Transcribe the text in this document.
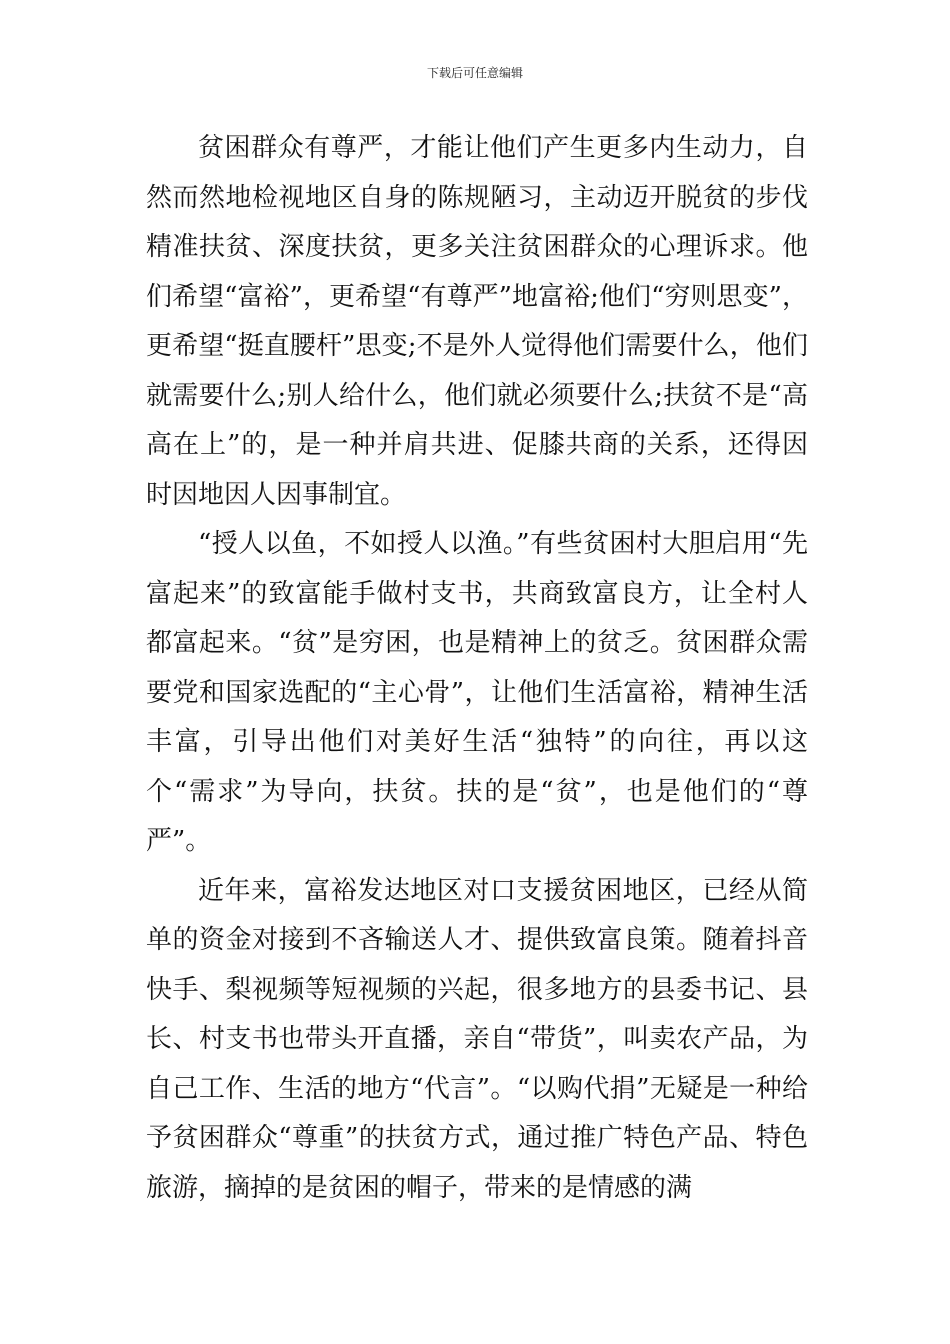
下载后可任意编辑

贫困群众有尊严，才能让他们产生更多内生动力，自然而然地检视地区自身的陈规陋习，主动迈开脱贫的步伐精准扶贫、深度扶贫，更多关注贫困群众的心理诉求。他们希望“富裕”，更希望“有尊严”地富裕;他们“穷则思变”，更希望“挺直腰杆”思变;不是外人觉得他们需要什么，他们就需要什么;别人给什么，他们就必须要什么;扶贫不是“高高在上”的，是一种并肩共进、促膝共商的关系，还得因时因地因人因事制宜。

“授人以鱼，不如授人以渔。”有些贫困村大胆启用“先富起来”的致富能手做村支书，共商致富良方，让全村人都富起来。“贫”是穷困，也是精神上的贫乏。贫困群众需要党和国家选配的“主心骨”，让他们生活富裕，精神生活丰富，引导出他们对美好生活“独特”的向往，再以这个“需求”为导向，扶贫。扶的是“贫”，也是他们的“尊严”。

近年来，富裕发达地区对口支援贫困地区，已经从简单的资金对接到不吝输送人才、提供致富良策。随着抖音快手、梨视频等短视频的兴起，很多地方的县委书记、县长、村支书也带头开直播，亲自“带货”，叫卖农产品，为自己工作、生活的地方“代言”。“以购代捐”无疑是一种给予贫困群众“尊重”的扶贫方式，通过推广特色产品、特色旅游，摘掉的是贫困的帽子，带来的是情感的满
